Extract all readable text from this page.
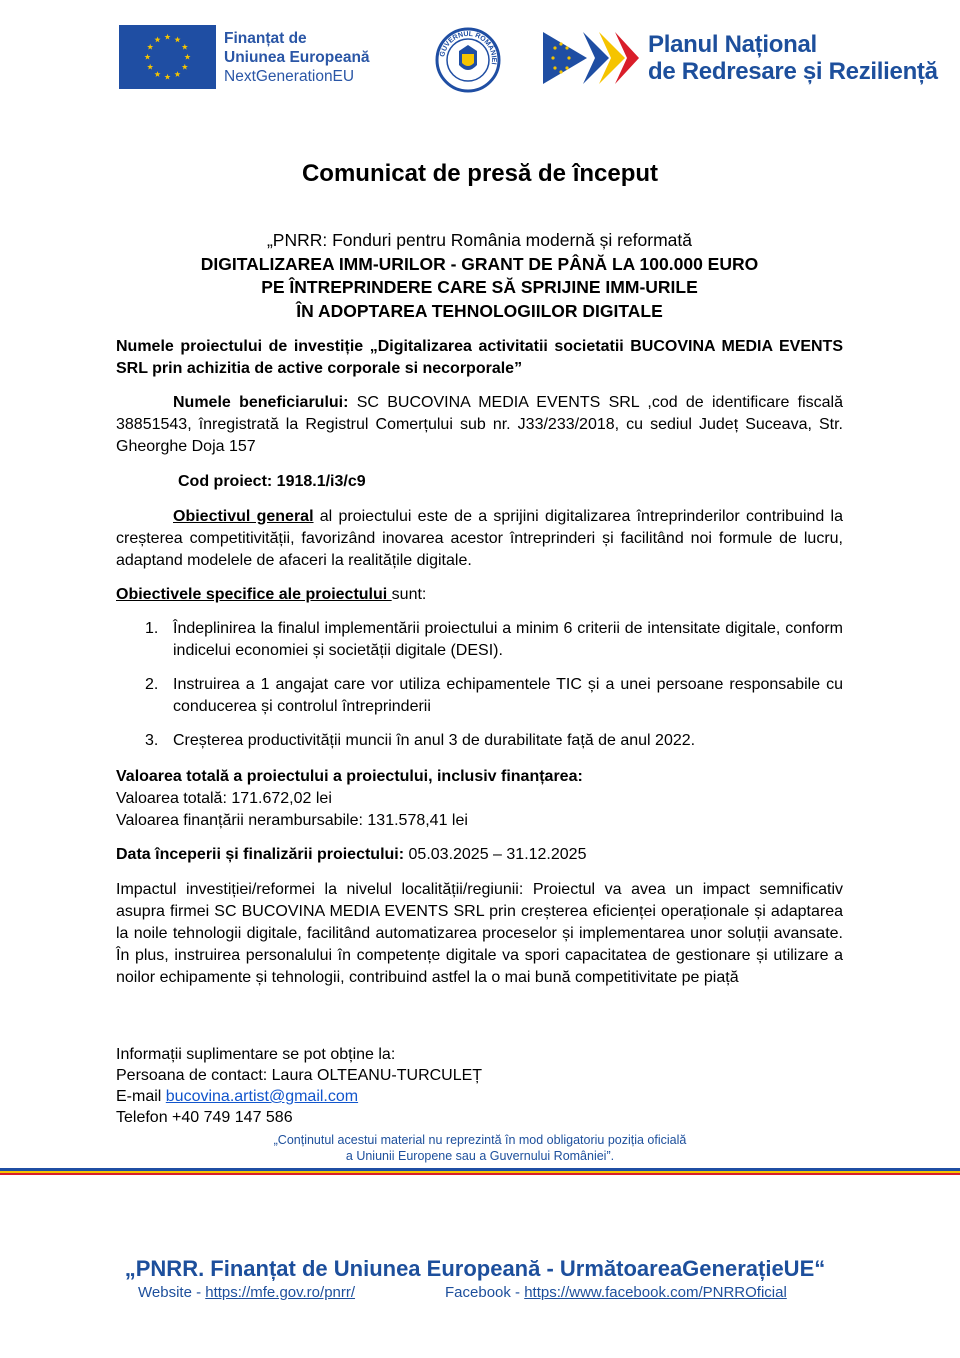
Finanțat de
Uniunea Europeană
NextGenerationEU
GUVERNUL ROMÂNIEI
Planul Național
de Redresare și Reziliență
Comunicat de presă de început
„PNRR: Fonduri pentru România modernă și reformată
DIGITALIZAREA IMM-URILOR - GRANT DE PÂNĂ LA 100.000 EURO
PE ÎNTREPRINDERE CARE SĂ SPRIJINE IMM-URILE
ÎN ADOPTAREA TEHNOLOGIILOR DIGITALE
Numele proiectului de investiție „Digitalizarea activitatii societatii BUCOVINA MEDIA EVENTS SRL prin achizitia de active corporale si necorporale”
Numele beneficiarului: SC BUCOVINA MEDIA EVENTS SRL ,cod de identificare fiscală 38851543, înregistrată la Registrul Comerțului sub nr. J33/233/2018, cu sediul Județ Suceava, Str. Gheorghe Doja 157
Cod proiect: 1918.1/i3/c9
Obiectivul general al proiectului este de a sprijini digitalizarea întreprinderilor contribuind la creșterea competitivității, favorizând inovarea acestor întreprinderi și facilitând noi formule de lucru, adaptand modelele de afaceri la realitățile digitale.
Obiectivele specifice ale proiectului sunt:
1. Îndeplinirea la finalul implementării proiectului a minim 6 criterii de intensitate digitale, conform indicelui economiei și societății digitale (DESI).
2. Instruirea a 1 angajat care vor utiliza echipamentele TIC și a unei persoane responsabile cu conducerea și controlul întreprinderii
3. Creșterea productivității muncii în anul 3 de durabilitate față de anul 2022.
Valoarea totală a proiectului a proiectului, inclusiv finanțarea:
Valoarea totală: 171.672,02 lei
Valoarea finanțării nerambursabile: 131.578,41 lei
Data începerii și finalizării proiectului: 05.03.2025 – 31.12.2025
Impactul investiției/reformei la nivelul localității/regiunii: Proiectul va avea un impact semnificativ asupra firmei SC BUCOVINA MEDIA EVENTS SRL prin creșterea eficienței operaționale și adaptarea la noile tehnologii digitale, facilitând automatizarea proceselor și implementarea unor soluții avansate. În plus, instruirea personalului în competențe digitale va spori capacitatea de gestionare și utilizare a noilor echipamente și tehnologii, contribuind astfel la o mai bună competitivitate pe piață
Informații suplimentare se pot obține la:
Persoana de contact: Laura OLTEANU-TURCULEȚ
E-mail bucovina.artist@gmail.com
Telefon +40 749 147 586
„Conținutul acestui material nu reprezintă în mod obligatoriu poziția oficială
a Uniunii Europene sau a Guvernului României”.
„PNRR. Finanțat de Uniunea Europeană - UrmătoareaGenerațieUE“
Website - https://mfe.gov.ro/pnrr/	Facebook - https://www.facebook.com/PNRROficial
